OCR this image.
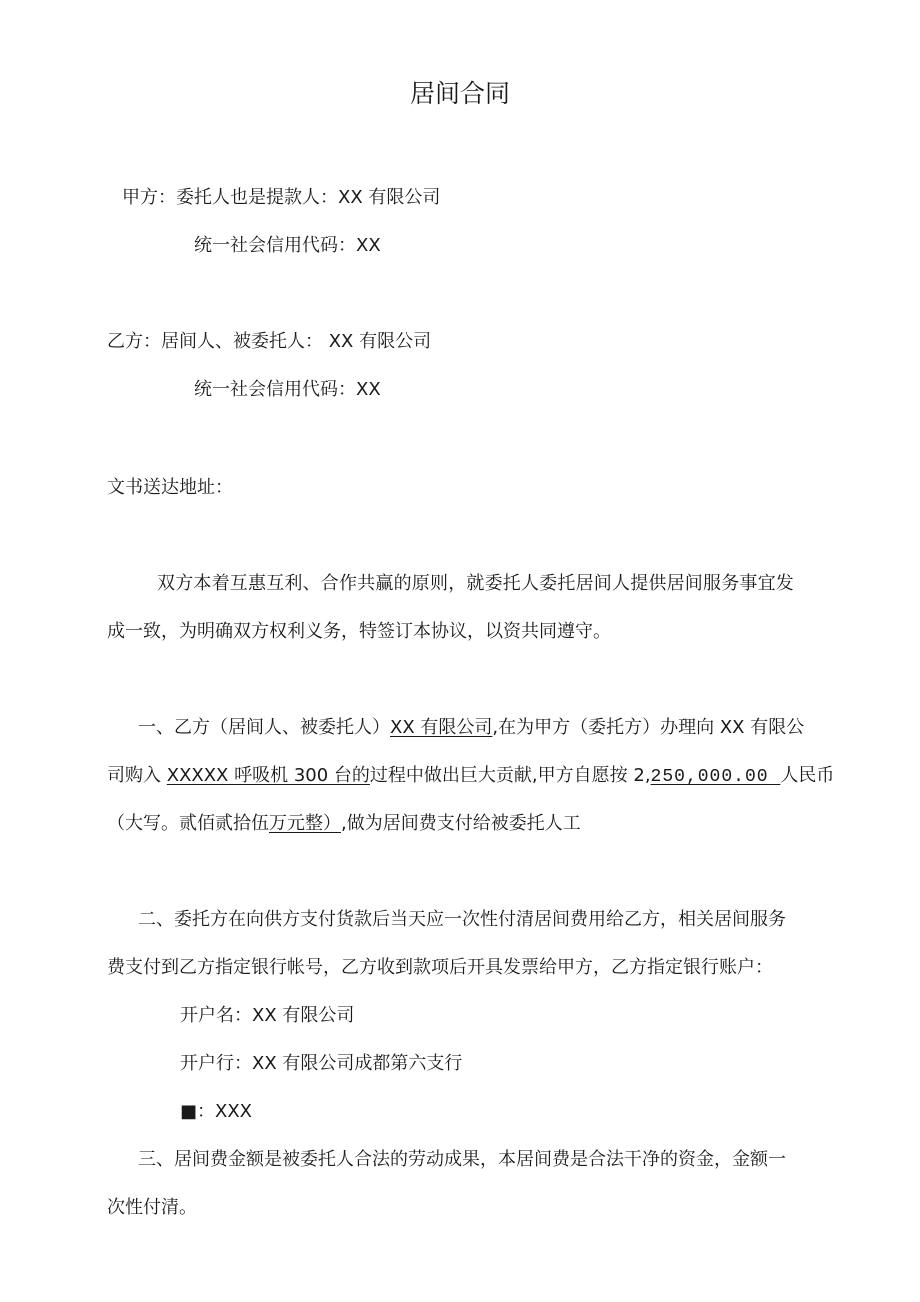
居间合同
甲方：委托人也是提款人：XX 有限公司
统一社会信用代码：XX
乙方：居间人、被委托人： XX 有限公司
统一社会信用代码：XX
文书送达地址：
双方本着互惠互利、合作共赢的原则，就委托人委托居间人提供居间服务事宜发
成一致，为明确双方权利义务，特签订本协议，以资共同遵守。
一、乙方（居间人、被委托人）XX 有限公司,在为甲方（委托方）办理向 XX 有限公
司购入 XXXXX 呼吸机 300 台的过程中做出巨大贡献,甲方自愿按 2,250,000.00 人民币
（大写。贰佰贰拾伍万元整）,做为居间费支付给被委托人工
二、委托方在向供方支付货款后当天应一次性付清居间费用给乙方，相关居间服务
费支付到乙方指定银行帐号，乙方收到款项后开具发票给甲方，乙方指定银行账户：
开户名：XX 有限公司
开户行：XX 有限公司成都第六支行
■：XXX
三、居间费金额是被委托人合法的劳动成果，本居间费是合法干净的资金，金额一
次性付清。
